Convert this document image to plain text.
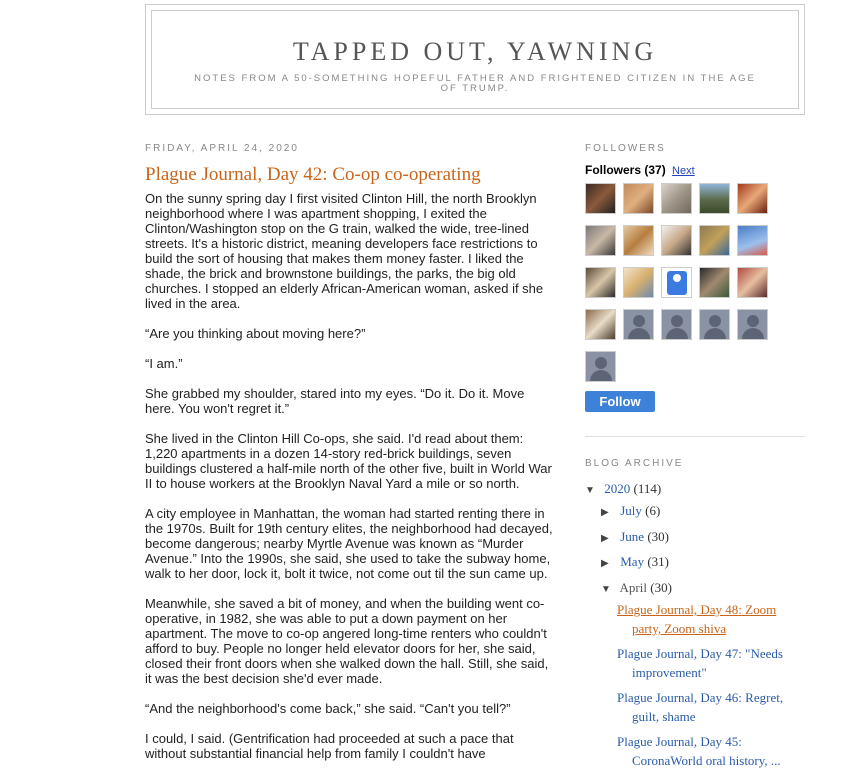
TAPPED OUT, YAWNING
NOTES FROM A 50-SOMETHING HOPEFUL FATHER AND FRIGHTENED CITIZEN IN THE AGE OF TRUMP.
FRIDAY, APRIL 24, 2020
Plague Journal, Day 42: Co-op co-operating

On the sunny spring day I first visited Clinton Hill, the north Brooklyn neighborhood where I was apartment shopping, I exited the Clinton/Washington stop on the G train, walked the wide, tree-lined streets. It's a historic district, meaning developers face restrictions to build the sort of housing that makes them money faster. I liked the shade, the brick and brownstone buildings, the parks, the big old churches. I stopped an elderly African-American woman, asked if she lived in the area.

“Are you thinking about moving here?”

“I am.”

She grabbed my shoulder, stared into my eyes. “Do it. Do it. Move here. You won't regret it.”

She lived in the Clinton Hill Co-ops, she said. I'd read about them: 1,220 apartments in a dozen 14-story red-brick buildings, seven buildings clustered a half-mile north of the other five, built in World War II to house workers at the Brooklyn Naval Yard a mile or so north.

A city employee in Manhattan, the woman had started renting there in the 1970s. Built for 19th century elites, the neighborhood had decayed, become dangerous; nearby Myrtle Avenue was known as “Murder Avenue.” Into the 1990s, she said, she used to take the subway home, walk to her door, lock it, bolt it twice, not come out til the sun came up.

Meanwhile, she saved a bit of money, and when the building went co-operative, in 1982, she was able to put a down payment on her apartment. The move to co-op angered long-time renters who couldn't afford to buy. People no longer held elevator doors for her, she said, closed their front doors when she walked down the hall. Still, she said, it was the best decision she'd ever made.

“And the neighborhood's come back,” she said. “Can't you tell?”

I could, I said. (Gentrification had proceeded at such a pace that without substantial financial help from family I couldn't have

FOLLOWERS
Followers (37) Next
Follow
BLOG ARCHIVE
▼ 2020 (114)
▶ July (6)
▶ June (30)
▶ May (31)
▼ April (30)
Plague Journal, Day 48: Zoom party, Zoom shiva
Plague Journal, Day 47: "Needs improvement"
Plague Journal, Day 46: Regret, guilt, shame
Plague Journal, Day 45: CoronaWorld oral history, ...
